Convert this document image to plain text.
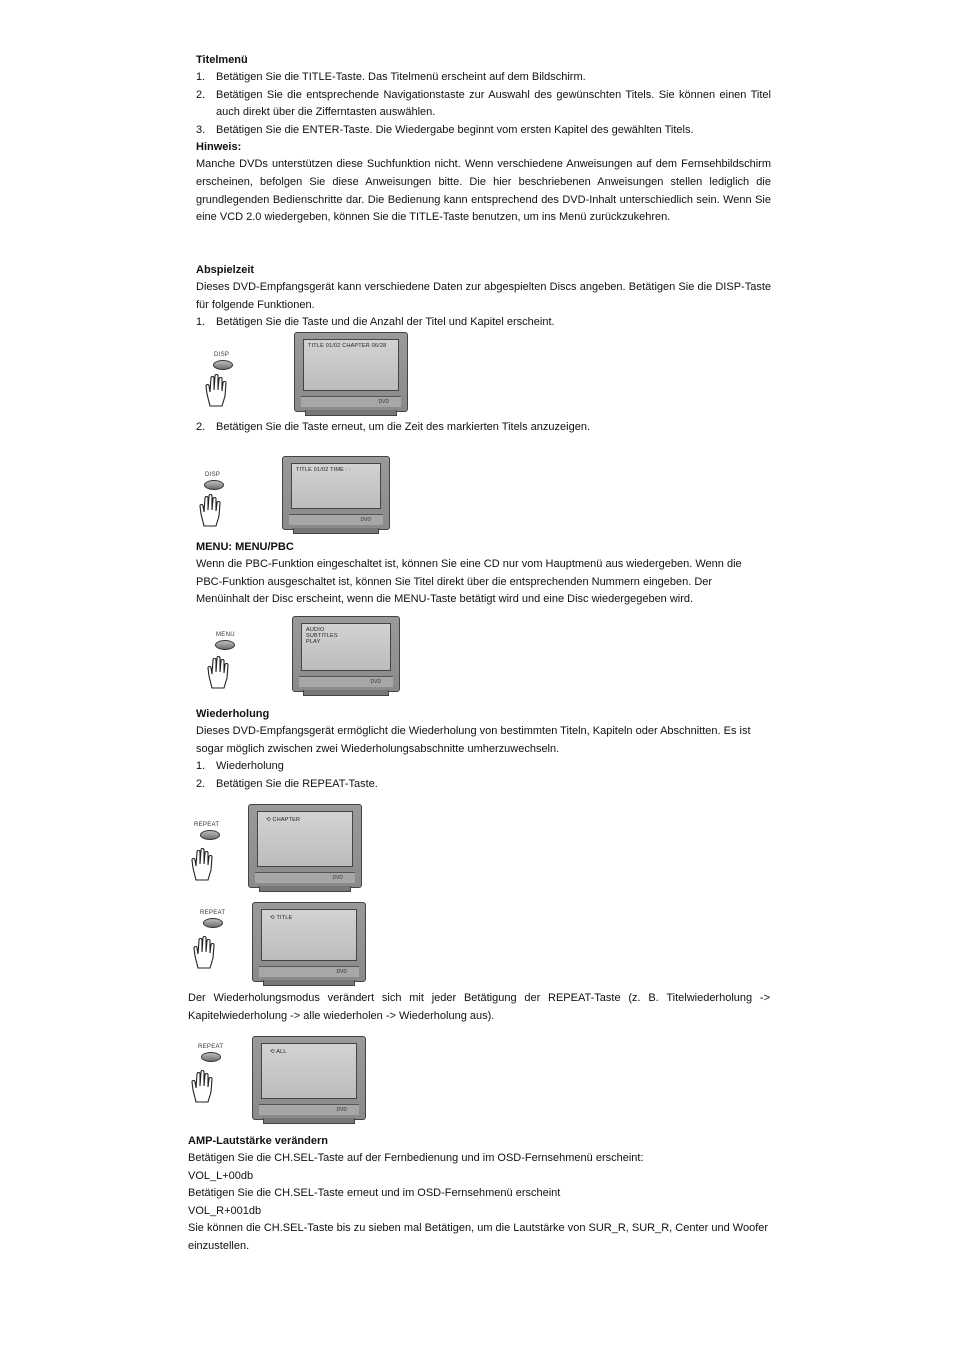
Titelmenü
1. Betätigen Sie die TITLE-Taste. Das Titelmenü erscheint auf dem Bildschirm.
2. Betätigen Sie die entsprechende Navigationstaste zur Auswahl des gewünschten Titels. Sie können einen Titel auch direkt über die Zifferntasten auswählen.
3. Betätigen Sie die ENTER-Taste. Die Wiedergabe beginnt vom ersten Kapitel des gewählten Titels.
Hinweis:
Manche DVDs unterstützen diese Suchfunktion nicht. Wenn verschiedene Anweisungen auf dem Fernsehbildschirm erscheinen, befolgen Sie diese Anweisungen bitte. Die hier beschriebenen Anweisungen stellen lediglich die grundlegenden Bedienschritte dar. Die Bedienung kann entsprechend des DVD-Inhalt unterschiedlich sein. Wenn Sie eine VCD 2.0 wiedergeben, können Sie die TITLE-Taste benutzen, um ins Menü zurückzukehren.
Abspielzeit
Dieses DVD-Empfangsgerät kann verschiedene Daten zur abgespielten Discs angeben. Betätigen Sie die DISP-Taste für folgende Funktionen.
1. Betätigen Sie die Taste und die Anzahl der Titel und Kapitel erscheint.
DISP
TITLE 01/02 CHAPTER 06/28
DVD
2. Betätigen Sie die Taste erneut, um die Zeit des markierten Titels anzuzeigen.
DISP
TITLE 01/02 TIME : :
DVD
MENU: MENU/PBC
Wenn die PBC-Funktion eingeschaltet ist, können Sie eine CD nur vom Hauptmenü aus wiedergeben. Wenn die PBC-Funktion ausgeschaltet ist, können Sie Titel direkt über die entsprechenden Nummern eingeben. Der Menüinhalt der Disc erscheint, wenn die MENU-Taste betätigt wird und eine Disc wiedergegeben wird.
MENU
AUDIO
SUBTITLES
PLAY
DVD
Wiederholung
Dieses DVD-Empfangsgerät ermöglicht die Wiederholung von bestimmten Titeln, Kapiteln oder Abschnitten. Es ist sogar möglich zwischen zwei Wiederholungsabschnitte umherzuwechseln.
1. Wiederholung
2. Betätigen Sie die REPEAT-Taste.
REPEAT
⟲ CHAPTER
DVD
REPEAT
⟲ TITLE
DVD
Der Wiederholungsmodus verändert sich mit jeder Betätigung der REPEAT-Taste (z. B. Titelwiederholung -> Kapitelwiederholung -> alle wiederholen -> Wiederholung aus).
REPEAT
⟲ ALL
DVD
AMP-Lautstärke verändern
Betätigen Sie die CH.SEL-Taste auf der Fernbedienung und im OSD-Fernsehmenü erscheint:
VOL_L+00db
Betätigen Sie die CH.SEL-Taste erneut und im OSD-Fernsehmenü erscheint
VOL_R+001db
Sie können die CH.SEL-Taste bis zu sieben mal Betätigen, um die Lautstärke von SUR_R, SUR_R, Center und Woofer einzustellen.
